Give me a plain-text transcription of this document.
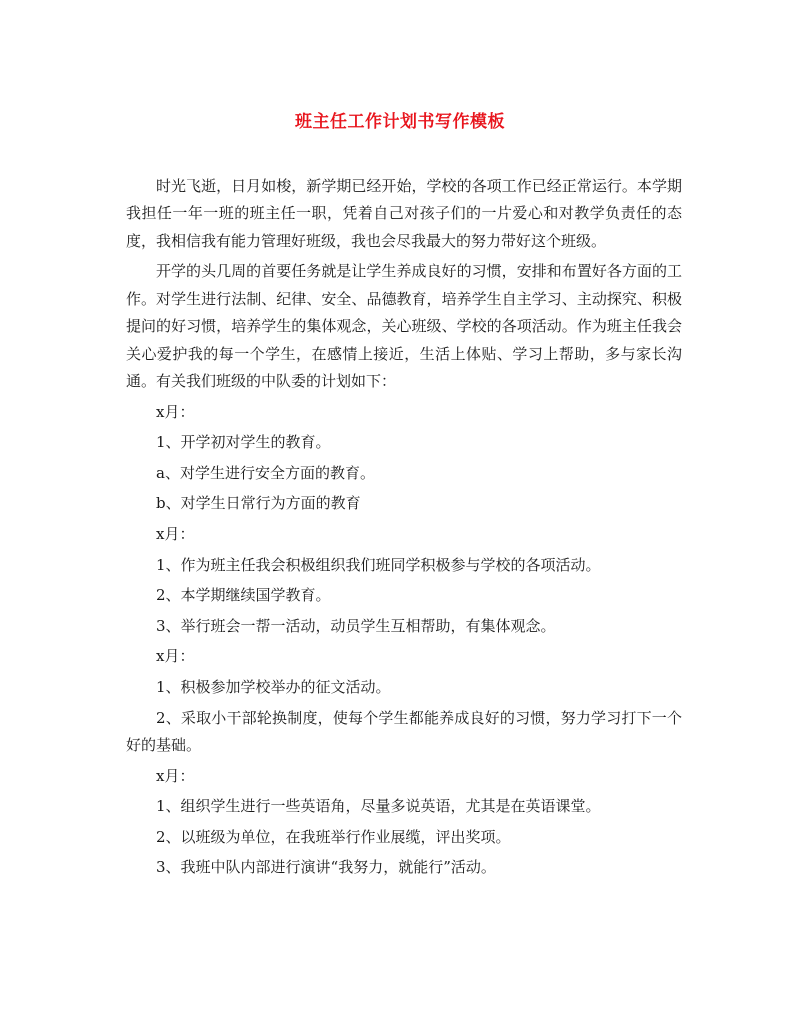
班主任工作计划书写作模板

时光飞逝，日月如梭，新学期已经开始，学校的各项工作已经正常运行。本学期我担任一年一班的班主任一职，凭着自己对孩子们的一片爱心和对教学负责任的态度，我相信我有能力管理好班级，我也会尽我最大的努力带好这个班级。

开学的头几周的首要任务就是让学生养成良好的习惯，安排和布置好各方面的工作。对学生进行法制、纪律、安全、品德教育，培养学生自主学习、主动探究、积极提问的好习惯，培养学生的集体观念，关心班级、学校的各项活动。作为班主任我会关心爱护我的每一个学生，在感情上接近，生活上体贴、学习上帮助，多与家长沟通。有关我们班级的中队委的计划如下：

x月：

1、开学初对学生的教育。

a、对学生进行安全方面的教育。

b、对学生日常行为方面的教育

x月：

1、作为班主任我会积极组织我们班同学积极参与学校的各项活动。

2、本学期继续国学教育。

3、举行班会一帮一活动，动员学生互相帮助，有集体观念。

x月：

1、积极参加学校举办的征文活动。

2、采取小干部轮换制度，使每个学生都能养成良好的习惯，努力学习打下一个好的基础。

x月：

1、组织学生进行一些英语角，尽量多说英语，尤其是在英语课堂。

2、以班级为单位，在我班举行作业展缆，评出奖项。

3、我班中队内部进行演讲“我努力，就能行”活动。
